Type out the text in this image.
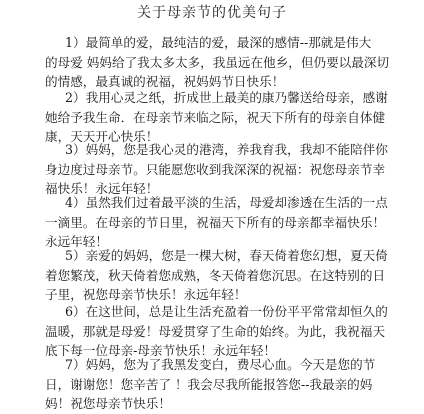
关于母亲节的优美句子
1）最简单的爱，最纯洁的爱，最深的感情--那就是伟大
的母爱 妈妈给了我太多太多，我虽远在他乡，但仍要以最深切
的情感，最真诚的祝福，祝妈妈节日快乐！
2）我用心灵之纸，折成世上最美的康乃馨送给母亲，感谢
她给予我生命．在母亲节来临之际，祝天下所有的母亲自体健
康，天天开心快乐！
3）妈妈，您是我心灵的港湾，养我育我，我却不能陪伴你
身边度过母亲节。只能愿您收到我深深的祝福：祝您母亲节幸
福快乐！永远年轻！
4）虽然我们过着最平淡的生活，母爱却渗透在生活的一点
一滴里。在母亲的节日里，祝福天下所有的母亲都幸福快乐！
永远年轻！
5）亲爱的妈妈，您是一棵大树，春天倚着您幻想，夏天倚
着您繁茂，秋天倚着您成熟，冬天倚着您沉思。在这特别的日
子里，祝您母亲节快乐！永远年轻！
6）在这世间，总是让生活充盈着一份份平平常常却恒久的
温暖，那就是母爱！母爱贯穿了生命的始终。为此，我祝福天
底下每一位母亲-母亲节快乐！永远年轻！
7）妈妈，您为了我黑发变白，费尽心血。今天是您的节
日，谢谢您！您辛苦了 ！我会尽我所能报答您--我最亲的妈
妈！祝您母亲节快乐！
